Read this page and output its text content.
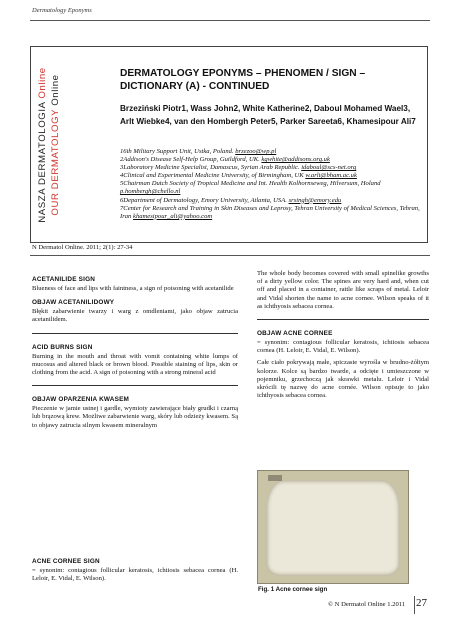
Dermatology Eponyms
NASZA DERMATOLOGIA Online
OUR DERMATOLOGY Online
DERMATOLOGY EPONYMS – PHENOMEN / SIGN – DICTIONARY (A) - CONTINUED
Brzeziński Piotr1, Wass John2, White Katherine2, Daboul Mohamed Wael3, Arlt Wiebke4, van den Hombergh Peter5, Parker Sareeta6, Khamesipour Ali7

16th Military Support Unit, Ustka, Poland. brzezoo@wp.pl

2Addison's Disease Self-Help Group, Guildford, UK. kgwhite@addisons.org.uk

3Laboratory Medicine Specialist, Damascus, Syrian Arab Republic. idaboul@scs-net.org

4Clinical and Experimental Medicine University, of Birmingham, UK w.arlt@bham.ac.uk

5Chairman Dutch Society of Tropical Medicine and Int. Health Kolhornseweg, Hilversum, Holand p.hombergh@chello.nl

6Department of Dermatology, Emory University, Atlanta, USA. srsingh@emory.edu

7Center for Research and Training in Skin Diseases and Leprosy, Tehran University of Medical Sciences, Tehran, Iran khamesipour_ali@yahoo.com

N Dermatol Online. 2011; 2(1): 27-34
ACETANILIDE SIGN

Blueness of face and lips with faintness, a sign of poisoning with acetanilide

OBJAW ACETANILIDOWY

Błękit zabarwienie twarzy i warg z omdleniami, jako objaw zatrucia acetanilidem.

ACID BURNS SIGN

Burning in the mouth and throat with vomit containing white lumps of mucosus and altered black or brown blood. Possible staining of lips, skin or clothing from the acid. A sign of poisoning with a strong mineral acid

OBJAW OPARZENIA KWASEM

Pieczenie w jamie ustnej i gardle, wymioty zawierające biały grudki i czarną lub brązową krew. Możliwe zabarwienie warg, skóry lub odzieży kwasem. Są to objawy zatrucia silnym kwasem mineralnym

ACNE CORNEE SIGN

= synonim: contagious follicular keratosis, ichtiosis sebacea cornea (H. Leloir, E. Vidal, E. Wilson).

The whole body becomes covered with small spinelike growths of a dirty yellow color. The spines are very hard and, when cut off and placed in a container, rattle like scraps of metal. Leloir and Vidal shorten the name to acne cornee. Wilson speaks of it as ichthyosis sebacea cornea.

OBJAW ACNE CORNEE

= synonim: contagious follicular keratosis, ichtiosis sebacea cornea (H. Leloir, E. Vidal, E. Wilson).

Całe ciało pokrywają małe, spiczaste wyrośla w brudno-żółtym kolorze. Kolce są bardzo twarde, a odcięte i umieszczone w pojemniku, grzechoczą jak skrawki metalu. Leloir i Vidal skrócili tę nazwę do acne cornée. Wilson opisuje to jako ichthyosis sebacea cornea.

Fig. 1 Acne cornee sign
© N Dermatol Online 1.2011 27
